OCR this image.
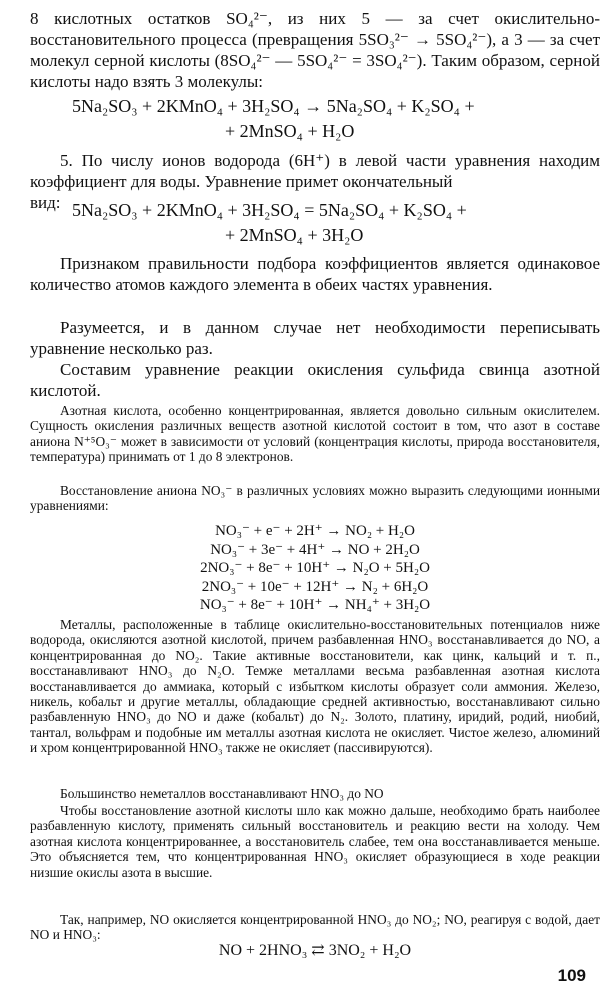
8 кислотных остатков SO₄²⁻, из них 5 — за счет окислительно-восстановительного процесса (превращения 5SO₃²⁻ → 5SO₄²⁻), а 3 — за счет молекул серной кислоты (8SO₄²⁻ — 5SO₄²⁻ = 3SO₄²⁻). Таким образом, серной кислоты надо взять 3 молекулы:
5Na₂SO₃ + 2KMnO₄ + 3H₂SO₄ → 5Na₂SO₄ + K₂SO₄ +
+ 2MnSO₄ + H₂O
5. По числу ионов водорода (6H⁺) в левой части уравнения находим коэффициент для воды. Уравнение примет окончательный
вид: 5Na₂SO₃ + 2KMnO₄ + 3H₂SO₄ = 5Na₂SO₄ + K₂SO₄ +
+ 2MnSO₄ + 3H₂O
Признаком правильности подбора коэффициентов является одинаковое количество атомов каждого элемента в обеих частях уравнения.
Разумеется, и в данном случае нет необходимости переписывать уравнение несколько раз.
Составим уравнение реакции окисления сульфида свинца азотной кислотой.
Азотная кислота, особенно концентрированная, является довольно сильным окислителем. Сущность окисления различных веществ азотной кислотой состоит в том, что азот в составе аниона N⁺⁵O₃⁻ может в зависимости от условий (концентрация кислоты, природа восстановителя, температура) принимать от 1 до 8 электронов.
Восстановление аниона NO₃⁻ в различных условиях можно выразить следующими ионными уравнениями:
NO₃⁻ + e⁻ + 2H⁺ → NO₂ + H₂O
NO₃⁻ + 3e⁻ + 4H⁺ → NO + 2H₂O
2NO₃⁻ + 8e⁻ + 10H⁺ → N₂O + 5H₂O
2NO₃⁻ + 10e⁻ + 12H⁺ → N₂ + 6H₂O
NO₃⁻ + 8e⁻ + 10H⁺ → NH₄⁺ + 3H₂O
Металлы, расположенные в таблице окислительно-восстановительных потенциалов ниже водорода, окисляются азотной кислотой, причем разбавленная HNO₃ восстанавливается до NO, а концентрированная до NO₂. Такие активные восстановители, как цинк, кальций и т. п., восстанавливают HNO₃ до N₂O. Темже металлами весьма разбавленная азотная кислота восстанавливается до аммиака, который с избытком кислоты образует соли аммония. Железо, никель, кобальт и другие металлы, обладающие средней активностью, восстанавливают сильно разбавленную HNO₃ до NO и даже (кобальт) до N₂. Золото, платину, иридий, родий, ниобий, тантал, вольфрам и подобные им металлы азотная кислота не окисляет. Чистое железо, алюминий и хром концентрированной HNO₃ также не окисляет (пассивируются).
Большинство неметаллов восстанавливают HNO₃ до NO
Чтобы восстановление азотной кислоты шло как можно дальше, необходимо брать наиболее разбавленную кислоту, применять сильный восстановитель и реакцию вести на холоду. Чем азотная кислота концентрированнее, а восстановитель слабее, тем она восстанавливается меньше. Это объясняется тем, что концентрированная HNO₃ окисляет образующиеся в ходе реакции низшие окислы азота в высшие.
Так, например, NO окисляется концентрированной HNO₃ до NO₂; NO, реагируя с водой, дает NO и HNO₃:
NO + 2HNO₃ ⇄ 3NO₂ + H₂O
109
